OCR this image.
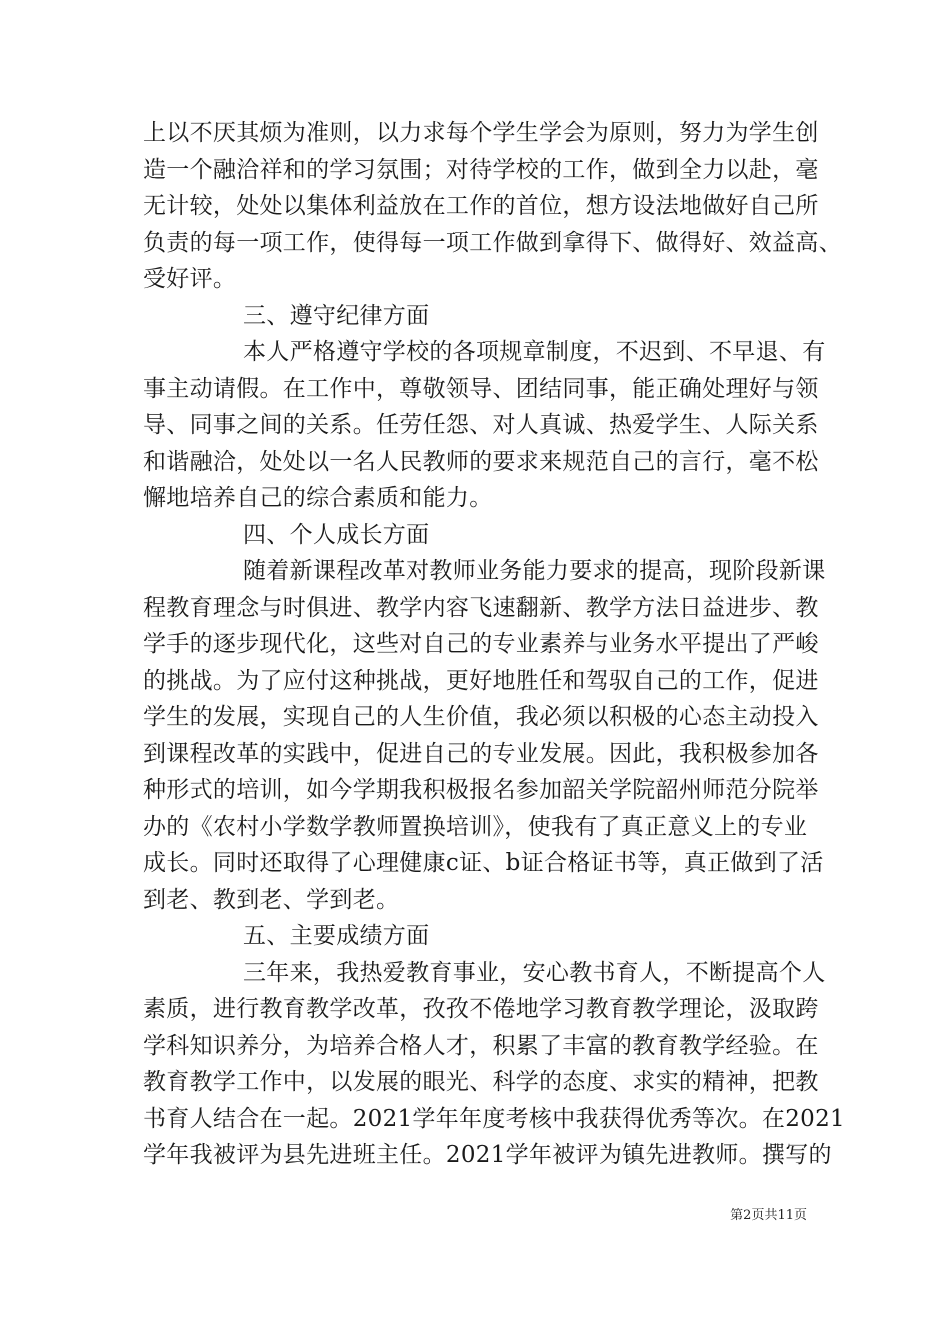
上以不厌其烦为准则，以力求每个学生学会为原则，努力为学生创
造一个融洽祥和的学习氛围；对待学校的工作，做到全力以赴，毫
无计较，处处以集体利益放在工作的首位，想方设法地做好自己所
负责的每一项工作，使得每一项工作做到拿得下、做得好、效益高、
受好评。
三、遵守纪律方面
本人严格遵守学校的各项规章制度，不迟到、不早退、有
事主动请假。在工作中，尊敬领导、团结同事，能正确处理好与领
导、同事之间的关系。任劳任怨、对人真诚、热爱学生、人际关系
和谐融洽，处处以一名人民教师的要求来规范自己的言行，毫不松
懈地培养自己的综合素质和能力。
四、个人成长方面
随着新课程改革对教师业务能力要求的提高，现阶段新课
程教育理念与时俱进、教学内容飞速翻新、教学方法日益进步、教
学手的逐步现代化，这些对自己的专业素养与业务水平提出了严峻
的挑战。为了应付这种挑战，更好地胜任和驾驭自己的工作，促进
学生的发展，实现自己的人生价值，我必须以积极的心态主动投入
到课程改革的实践中，促进自己的专业发展。因此，我积极参加各
种形式的培训，如今学期我积极报名参加韶关学院韶州师范分院举
办的《农村小学数学教师置换培训》，使我有了真正意义上的专业
成长。同时还取得了心理健康c证、b证合格证书等，真正做到了活
到老、教到老、学到老。
五、主要成绩方面
三年来，我热爱教育事业，安心教书育人，不断提高个人
素质，进行教育教学改革，孜孜不倦地学习教育教学理论，汲取跨
学科知识养分，为培养合格人才，积累了丰富的教育教学经验。在
教育教学工作中，以发展的眼光、科学的态度、求实的精神，把教
书育人结合在一起。2021学年年度考核中我获得优秀等次。在2021
学年我被评为县先进班主任。2021学年被评为镇先进教师。撰写的
第2页共11页
